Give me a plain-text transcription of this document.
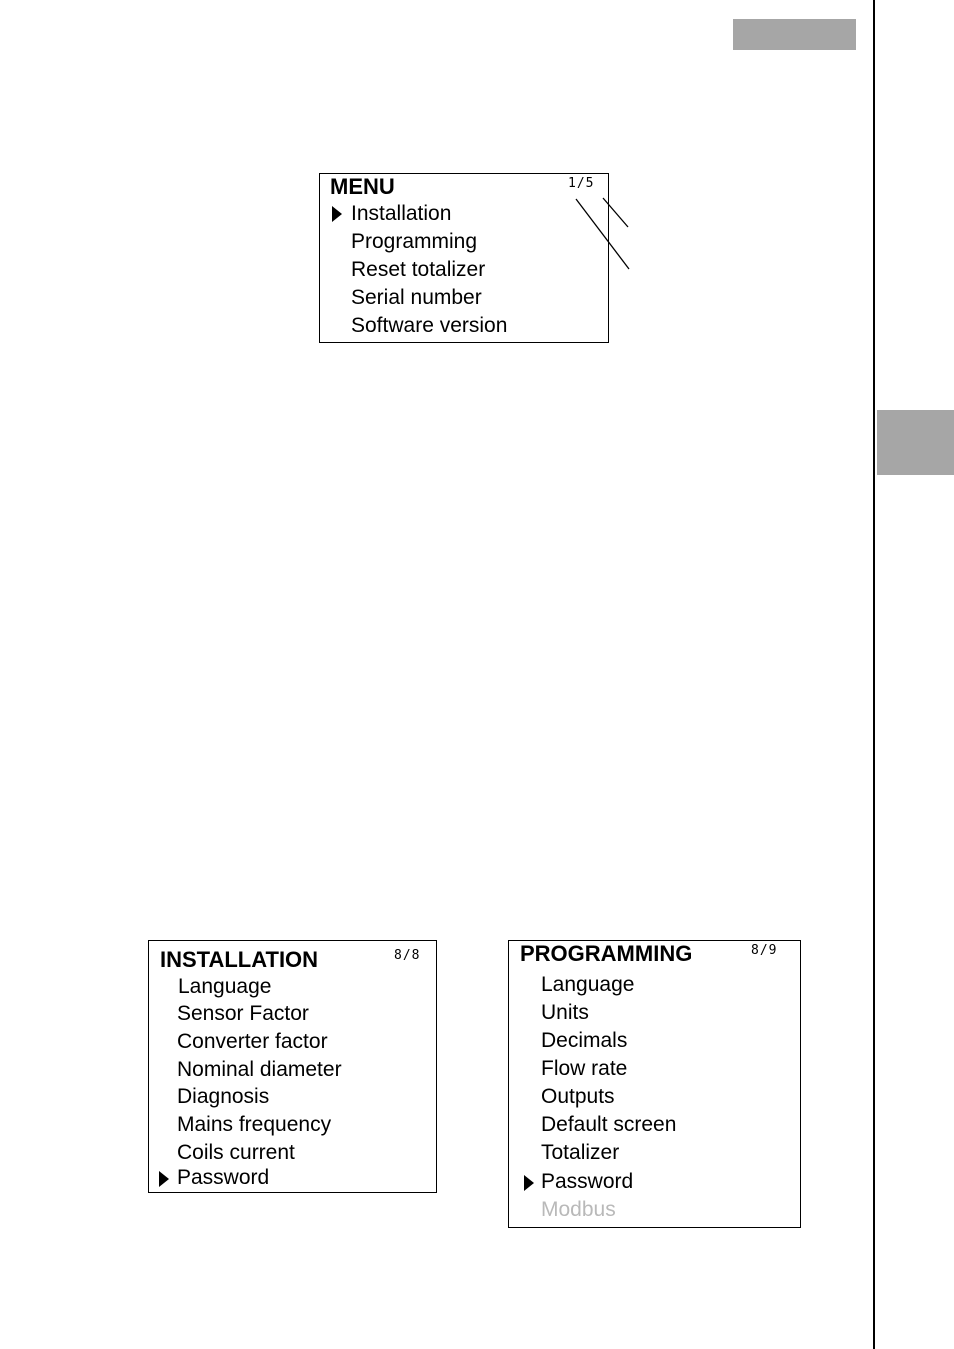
MENU	1/5
Installation
Programming
Reset totalizer
Serial number
Software version
INSTALLATION	8/8
Language
Sensor Factor
Converter factor
Nominal diameter
Diagnosis
Mains frequency
Coils current
Password
PROGRAMMING	8/9
Language
Units
Decimals
Flow rate
Outputs
Default screen
Totalizer
Password
Modbus
